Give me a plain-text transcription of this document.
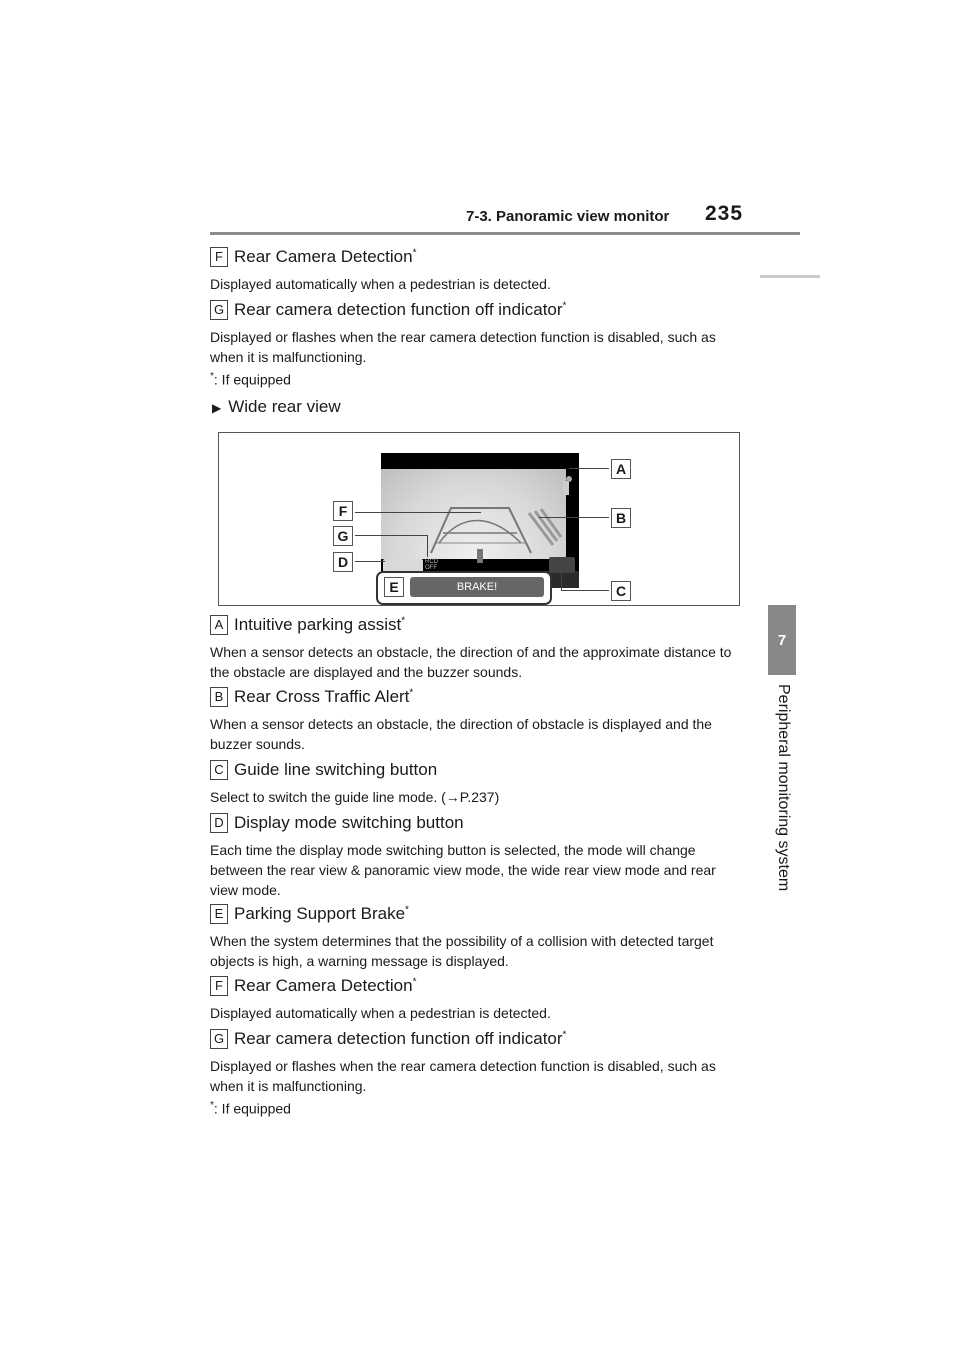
7-3. Panoramic view monitor 235
7
Peripheral monitoring system
F Rear Camera Detection*
Displayed automatically when a pedestrian is detected.
G Rear camera detection function off indicator*
Displayed or flashes when the rear camera detection function is disabled, such as when it is malfunctioning.
*: If equipped
▶ Wide rear view
RCD
OFF
E	BRAKE!
A
B
C
F
G
D
A Intuitive parking assist*
When a sensor detects an obstacle, the direction of and the approximate distance to the obstacle are displayed and the buzzer sounds.
B Rear Cross Traffic Alert*
When a sensor detects an obstacle, the direction of obstacle is displayed and the buzzer sounds.
C Guide line switching button
Select to switch the guide line mode. (→P.237)
D Display mode switching button
Each time the display mode switching button is selected, the mode will change between the rear view & panoramic view mode, the wide rear view mode and rear view mode.
E Parking Support Brake*
When the system determines that the possibility of a collision with detected target objects is high, a warning message is displayed.
F Rear Camera Detection*
Displayed automatically when a pedestrian is detected.
G Rear camera detection function off indicator*
Displayed or flashes when the rear camera detection function is disabled, such as when it is malfunctioning.
*: If equipped
